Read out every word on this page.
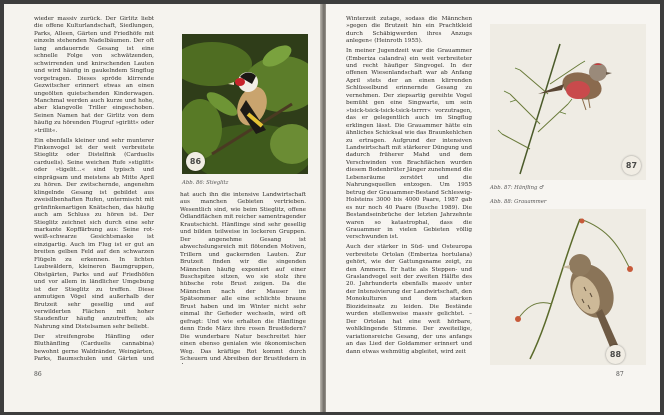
wieder massiv zurück. Der Girlitz liebt die offene Kulturlandschaft, Siedlungen, Parks, Alleen, Gärten und Friedhöfe mit einzeln stehenden Nadelbäumen. Der oft lang andauernde Gesang ist eine schnelle Folge von schwätzenden, schwirrenden und knirschenden Lauten und wird häufig in gaukelndem Singflug vorgetragen. Dieses spröde klirrende Gezwitscher erinnert etwas an einen ungeölten quietschenden Kinderwagen. Manchmal werden auch kurze und hohe, aber klangvolle Triller eingeschoben. Seinen Namen hat der Girlitz von dem häufig zu hörenden Flugruf »girlitt« oder »trillit«.

Ein ebenfalls kleiner und sehr munterer Finkenvogel ist der weit verbreitete Stieglitz oder Distelfink (Carduelis carduelis). Seine weichen Rufe »stiglitt« oder »tigelit…« sind typisch und einprägsam und meistens ab Mitte April zu hören. Der zwitschernde, angenehm klingelnde Gesang ist gebildet aus zweisilbenhaften Rufen, untermischt mit grünfinkenartigen Knätschen, das häufig auch am Schluss zu hören ist. Der Stieglitz zeichnet sich durch eine sehr markante Kopffärbung aus: Seine rot-weiß-schwarze Gesichtsmaske ist einzigartig. Auch im Flug ist er gut an breiten gelben Feld auf den schwarzen Flügeln zu erkennen. In lichten Laubwäldern, kleineren Baumgruppen, Obstgärten, Parks und auf Friedhöfen und vor allem in ländlicher Umgebung ist der Stieglitz zu treffen. Diese anmutigen Vögel sind außerhalb der Brutzeit sehr gesellig und auf verwilderten Flächen mit hoher Staudenflur häufig anzutreffen; als Nahrung sind Distelsamen sehr beliebt.

Der streifengrobe Hänfling oder Bluthänfling (Carduelis cannabina) bewohnt gerne Waldränder, Weingärten, Parks, Baumschulen und Gärten und

86
Abb. 86: Stieglitz

hat auch ihn die intensive Landwirtschaft aus manchen Gebieten vertrieben. Wesentlich sind, wie beim Stieglitz, offene Ödlandflächen mit reicher samentragender Krautschicht. Hänflinge sind sehr gesellig und bilden teilweise in lockeren Gruppen. Der angenehme Gesang ist abwechslungsreich mit flötenden Motiven, Trillern und gackernden Lauten. Zur Brutzeit finden wir die singenden Männchen häufig exponiert auf einer Buschspitze sitzen, wo sie stolz ihre hübsche rote Brust zeigen. Da die Männchen nach der Mauser im Spätsommer alle eine schlichte braune Brust haben und im Winter nicht sehr einmal ihr Gefieder wechseln, wird oft gefragt: Und wie erhalten die Hänflinge denn Ende März ihre rosen Brustfedern? Die wunderbare Natur beschreitet hier einen ebenso genialen wie ökonomischen Weg. Das kräftige Rot kommt durch Scheuern und Abreiben der Brustfedern in

86

Winterzeit zutage, sodass die Männchen »gegen die Brutzeit hin ein Prachtkleid durch Schäbigwerden ihres Anzugs anlegen« (Heinroth 1955).

In meiner Jugendzeit war die Grauammer (Emberiza calandra) ein weit verbreiteter und recht häufiger Singvogel. In der offenen Wiesenlandschaft war ab Anfang April stets der an einen klirrenden Schlüsselbund erinnernde Gesang zu vernehmen. Der ziepsartig gereihte Vogel bemüht gen eine Singwarte, um sein »tsick-tsick-tsick-tsick-tsrrrr« vorzutragen, das er gelegentlich auch im Singflug erklingen lässt. Die Grauammer hätte ein ähnliches Schicksal wie das Braunkehlchen zu ertragen. Aufgrund der intensiven Landwirtschaft mit stärkerer Düngung und dadurch früherer Mahd und dem Verschwinden von Brachflächen wurden diesem Bodenbrüter Jänger zunehmend die Lebensräume zerstört und die Nahrungsquellen entzogen. Um 1955 betrug der Grauammer-Bestand Schleswig-Holsteins 3000 bis 4000 Paare, 1987 gab es nur noch 40 Paare (Busche 1989). Die Bestandseinbrüche der letzten Jahrzehnte waren so katastrophal, dass die Grauammer in vielen Gebieten völlig verschwunden ist.

Auch der stärker in Süd- und Osteuropa verbreitete Ortolan (Emberiza hortulana) gehört, wie der Gattungsname zeigt, zu den Ammern. Er hatte als Steppen- und Graslandvogel seit der zweiten Hälfte des 20. Jahrhunderts ebenfalls massiv unter der Intensivierung der Landwirtschaft, den Monokulturen und dem starken Biozideinsatz zu leiden. Die Bestände wurden stellenweise massiv gelichtet. – Der Ortolan hat eine weit hörbare, wohlklingende Stimme. Der zweiteilige, variationsreiche Gesang, der uns anfangs an das Lied der Goldammer erinnert und dann etwas wehmütig abgleitet, wird zeit

87
Abb. 87: Hänfling ♂
Abb. 88: Grauammer
88
87
